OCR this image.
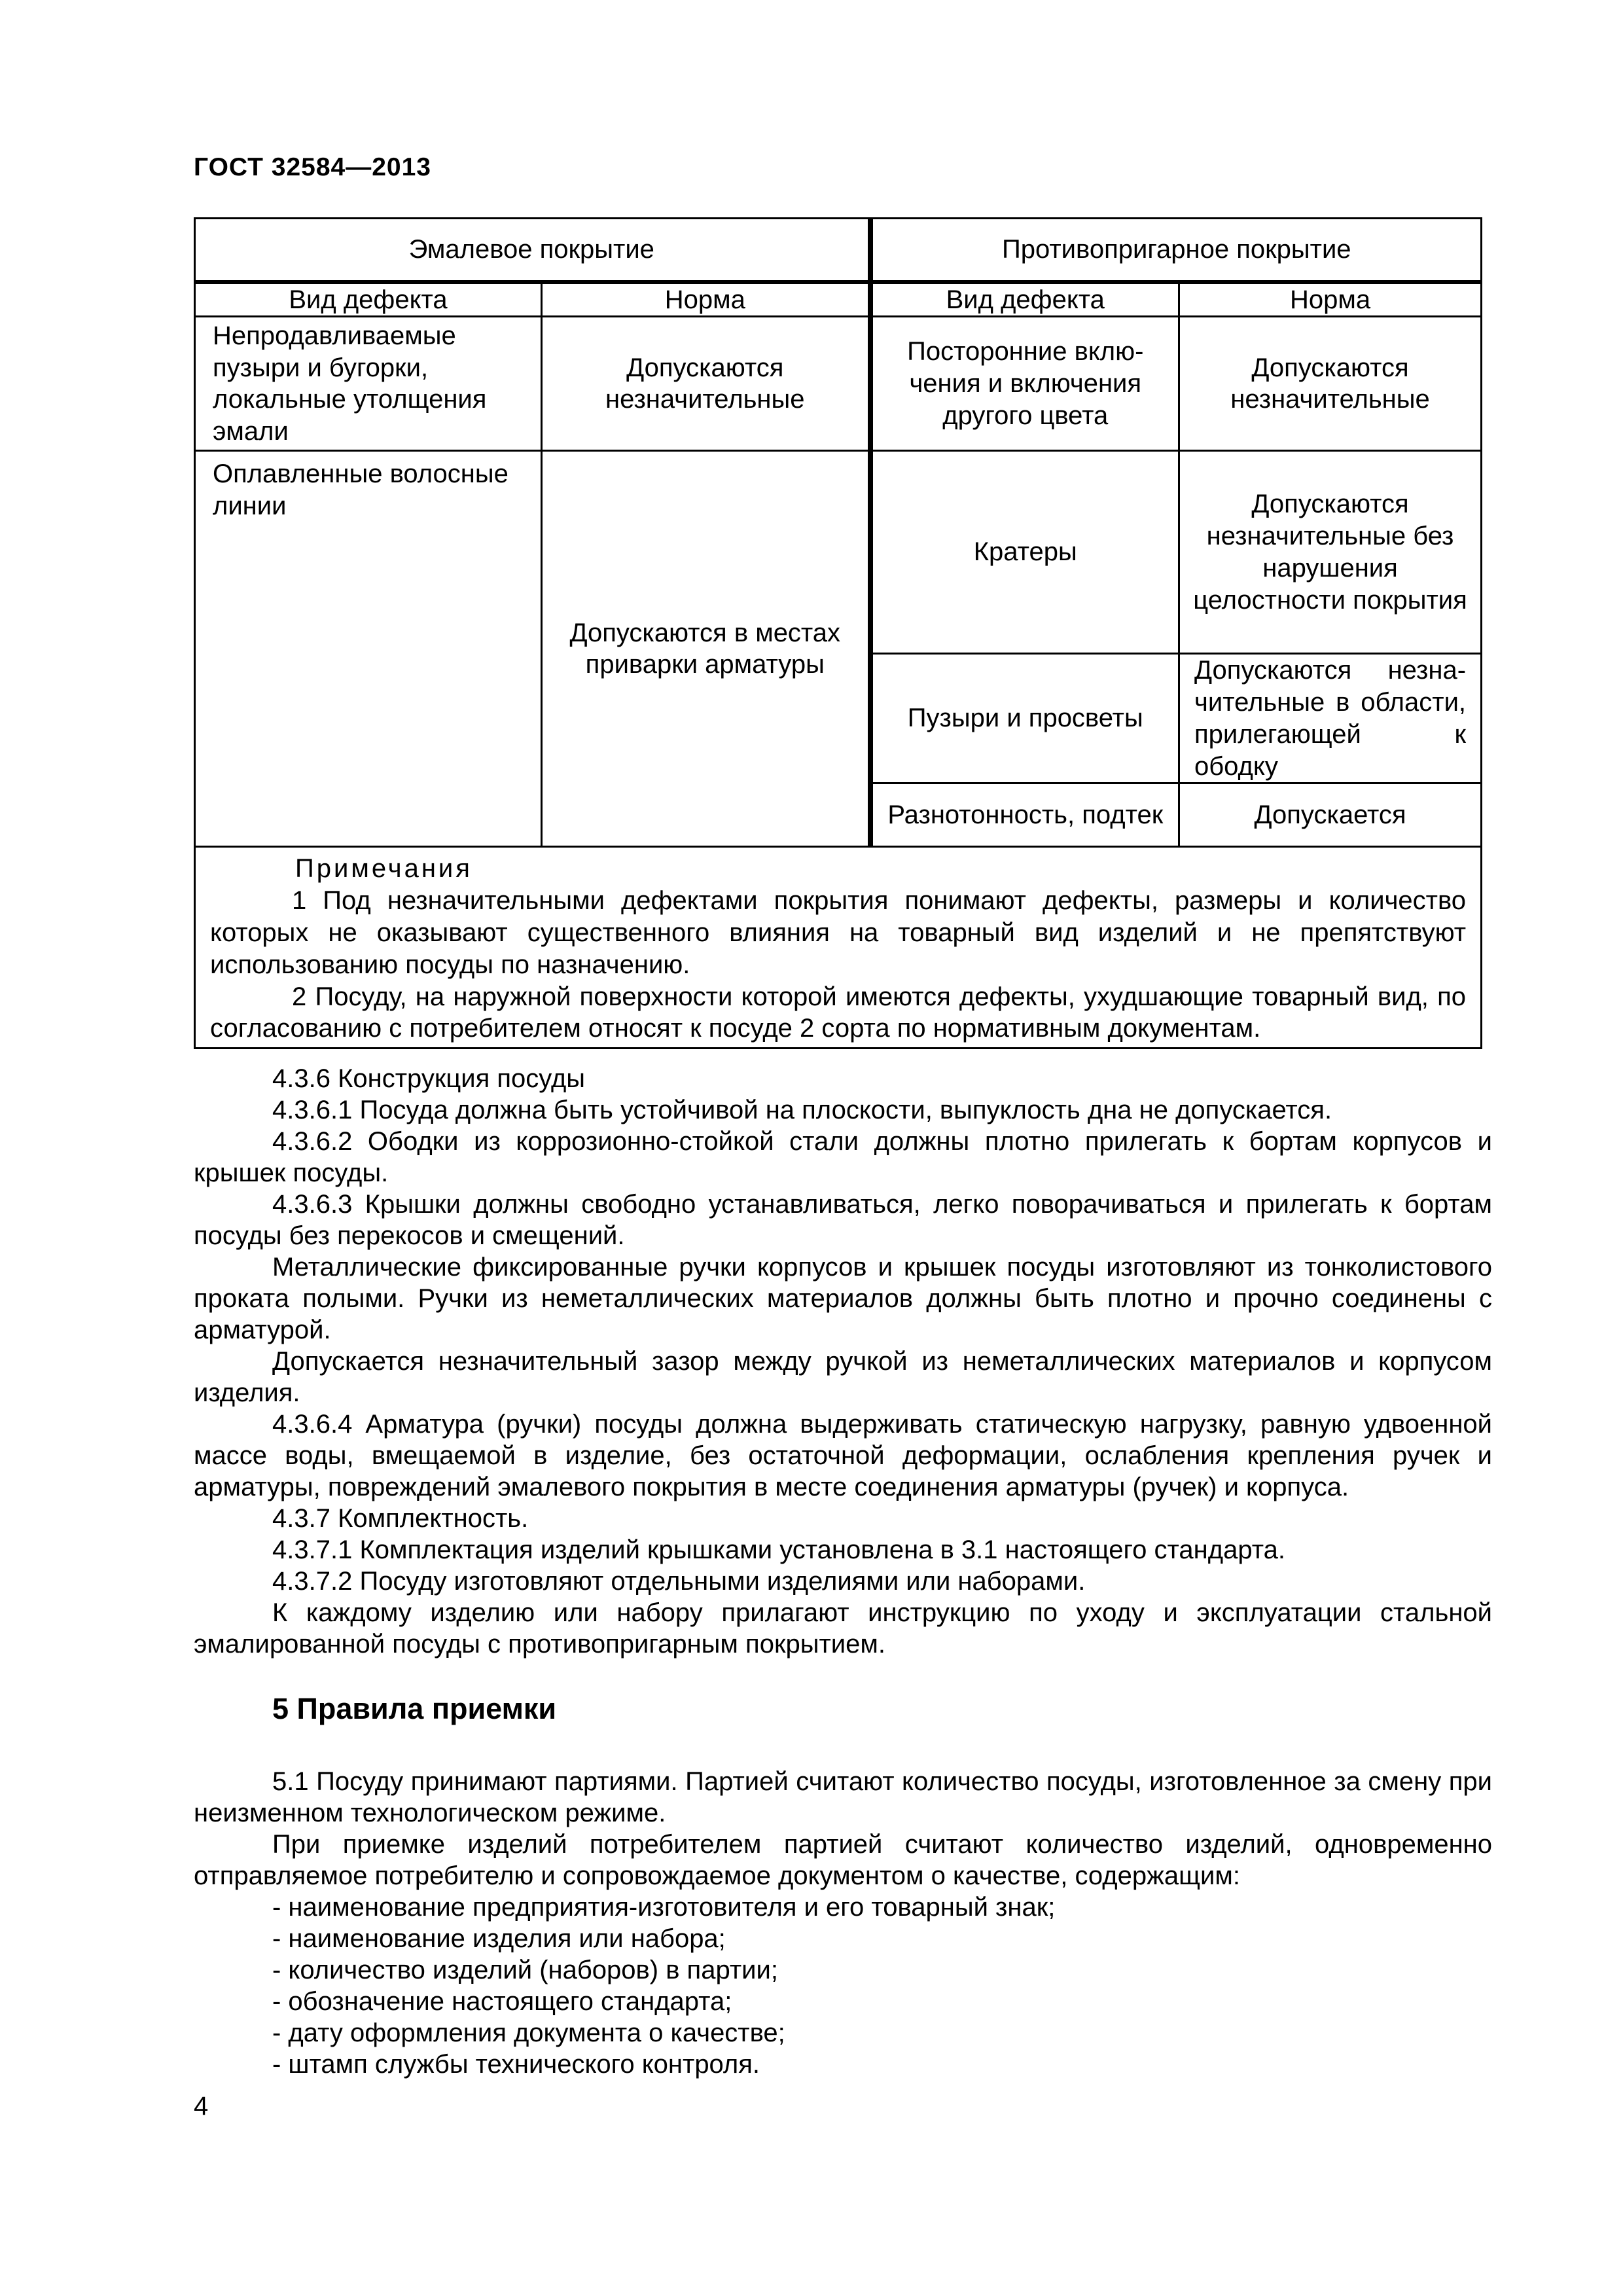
ГОСТ 32584—2013
Эмалевое покрытие		Противопригарное покрытие	
Вид дефекта	Норма	Вид дефекта	Норма
Непродавливаемые пузыри и бугорки, локальные утолщения эмали	Допускаются незначительные	Посторонние вклю-чения и включения другого цвета	Допускаются незначительные
Оплавленные волосные линии	Допускаются в местах приварки арматуры	Кратеры	Допускаются незначительные без нарушения целостности покрытия
		Пузыри и просветы	Допускаются незна-чительные в области, прилегающей к ободку
		Разнотонность, подтек	Допускается

Примечания
1 Под незначительными дефектами покрытия понимают дефекты, размеры и количество которых не оказывают существенного влияния на товарный вид изделий и не препятствуют использованию посуды по назначению.
2 Посуду, на наружной поверхности которой имеются дефекты, ухудшающие товарный вид, по согласованию с потребителем относят к посуде 2 сорта по нормативным документам.			

4.3.6 Конструкция посуды

4.3.6.1 Посуда должна быть устойчивой на плоскости, выпуклость дна не допускается.

4.3.6.2 Ободки из коррозионно-стойкой стали должны плотно прилегать к бортам корпусов и крышек посуды.

4.3.6.3 Крышки должны свободно устанавливаться, легко поворачиваться и прилегать к бортам посуды без перекосов и смещений.

Металлические фиксированные ручки корпусов и крышек посуды изготовляют из тонколистового проката полыми. Ручки из неметаллических материалов должны быть плотно и прочно соединены с арматурой.

Допускается незначительный зазор между ручкой из неметаллических материалов и корпусом изделия.

4.3.6.4 Арматура (ручки) посуды должна выдерживать статическую нагрузку, равную удвоенной массе воды, вмещаемой в изделие, без остаточной деформации, ослабления крепления ручек и арматуры, повреждений эмалевого покрытия в месте соединения арматуры (ручек) и корпуса.

4.3.7 Комплектность.

4.3.7.1 Комплектация изделий крышками установлена в 3.1 настоящего стандарта.

4.3.7.2 Посуду изготовляют отдельными изделиями или наборами.

К каждому изделию или набору прилагают инструкцию по уходу и эксплуатации стальной эмалированной посуды с противопригарным покрытием.

5 Правила приемки

5.1 Посуду принимают партиями. Партией считают количество посуды, изготовленное за смену при неизменном технологическом режиме.

При приемке изделий потребителем партией считают количество изделий, одновременно отправляемое потребителю и сопровождаемое документом о качестве, содержащим:

- наименование предприятия-изготовителя и его товарный знак;

- наименование изделия или набора;

- количество изделий (наборов) в партии;

- обозначение настоящего стандарта;

- дату оформления документа о качестве;

- штамп службы технического контроля.

4
